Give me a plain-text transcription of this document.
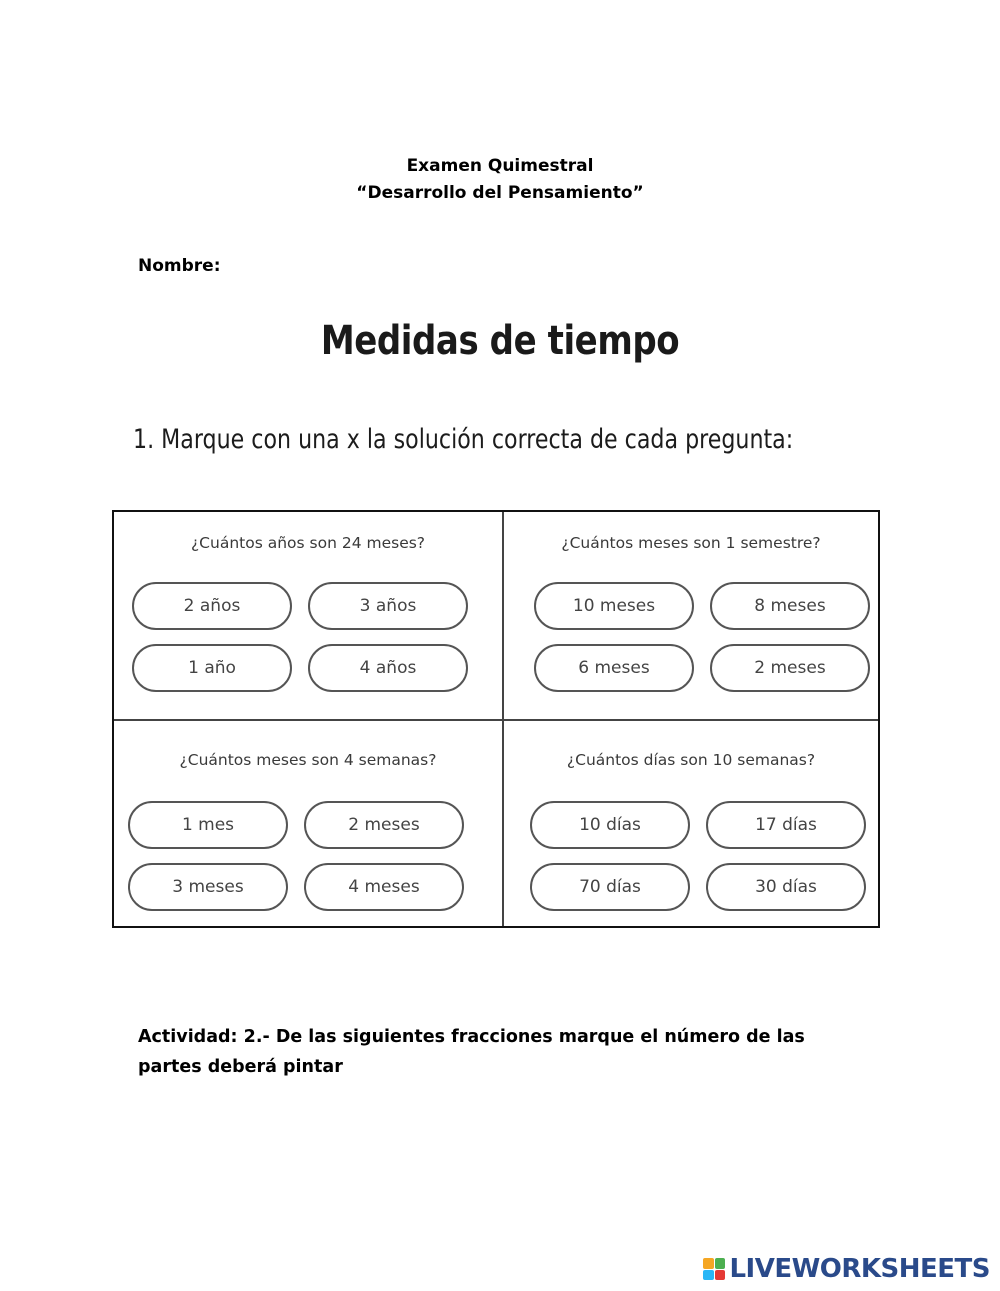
Examen Quimestral
“Desarrollo del Pensamiento”
Nombre:
Medidas de tiempo
1. Marque con una x la solución correcta de cada pregunta:
¿Cuántos años son 24 meses?
2 años	3 años
1 año	4 años
¿Cuántos meses son 1 semestre?
10 meses	8 meses
6 meses	2 meses
¿Cuántos meses son 4 semanas?
1 mes	2 meses
3 meses	4 meses
¿Cuántos días son 10 semanas?
10 días	17 días
70 días	30 días
Actividad: 2.- De las siguientes fracciones marque el número de las partes deberá pintar
LIVEWORKSHEETS
